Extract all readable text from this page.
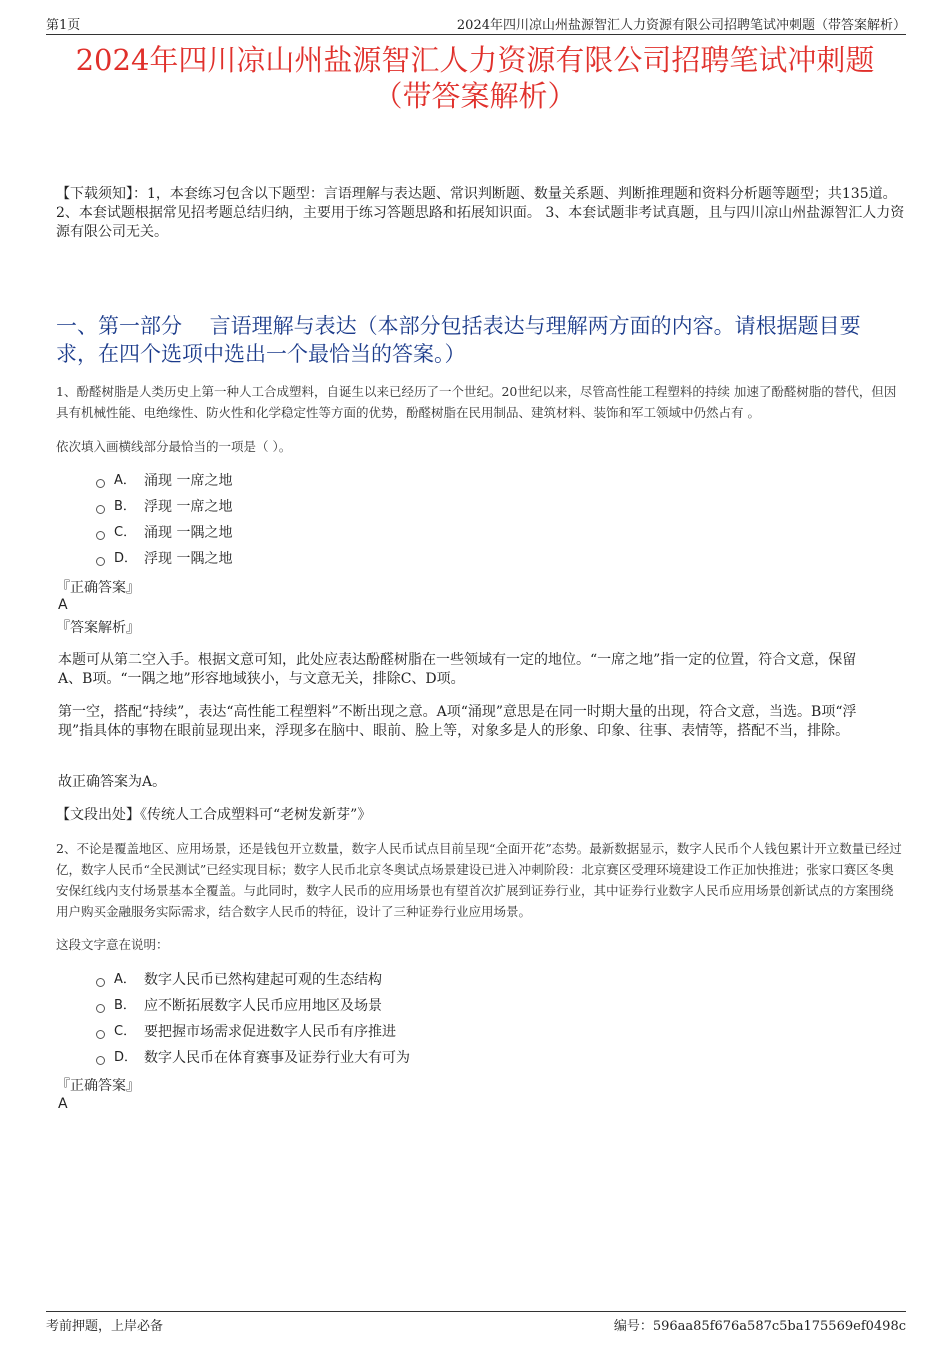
第1页	2024年四川凉山州盐源智汇人力资源有限公司招聘笔试冲刺题（带答案解析）
2024年四川凉山州盐源智汇人力资源有限公司招聘笔试冲刺题
（带答案解析）
【下载须知】：1，本套练习包含以下题型：言语理解与表达题、常识判断题、数量关系题、判断推理题和资料分析题等题型；共135道。 2、本套试题根据常见招考题总结归纳，主要用于练习答题思路和拓展知识面。 3、本套试题非考试真题，且与四川凉山州盐源智汇人力资源有限公司无关。
一、第一部分　 言语理解与表达（本部分包括表达与理解两方面的内容。请根据题目要求，在四个选项中选出一个最恰当的答案。）
1、酚醛树脂是人类历史上第一种人工合成塑料，自诞生以来已经历了一个世纪。20世纪以来，尽管高性能工程塑料的持续 加速了酚醛树脂的替代，但因具有机械性能、电绝缘性、防火性和化学稳定性等方面的优势，酚醛树脂在民用制品、建筑材料、装饰和军工领域中仍然占有 。
依次填入画横线部分最恰当的一项是（ ）。
A． 涌现 一席之地
B． 浮现 一席之地
C． 涌现 一隅之地
D． 浮现 一隅之地
『正确答案』
A
『答案解析』
本题可从第二空入手。根据文意可知，此处应表达酚醛树脂在一些领域有一定的地位。“一席之地”指一定的位置，符合文意，保留A、B项。“一隅之地”形容地域狭小，与文意无关，排除C、D项。
第一空，搭配“持续”，表达“高性能工程塑料”不断出现之意。A项“涌现”意思是在同一时期大量的出现，符合文意，当选。B项“浮现”指具体的事物在眼前显现出来，浮现多在脑中、眼前、脸上等，对象多是人的形象、印象、往事、表情等，搭配不当，排除。
故正确答案为A。
【文段出处】《传统人工合成塑料可“老树发新芽”》
2、不论是覆盖地区、应用场景，还是钱包开立数量，数字人民币试点目前呈现“全面开花”态势。最新数据显示，数字人民币个人钱包累计开立数量已经过亿，数字人民币“全民测试”已经实现目标；数字人民币北京冬奥试点场景建设已进入冲刺阶段：北京赛区受理环境建设工作正加快推进；张家口赛区冬奥安保红线内支付场景基本全覆盖。与此同时，数字人民币的应用场景也有望首次扩展到证券行业，其中证券行业数字人民币应用场景创新试点的方案围绕用户购买金融服务实际需求，结合数字人民币的特征，设计了三种证券行业应用场景。
这段文字意在说明：
A． 数字人民币已然构建起可观的生态结构
B． 应不断拓展数字人民币应用地区及场景
C． 要把握市场需求促进数字人民币有序推进
D． 数字人民币在体育赛事及证券行业大有可为
『正确答案』
A
考前押题，上岸必备	编号：596aa85f676a587c5ba175569ef0498c
